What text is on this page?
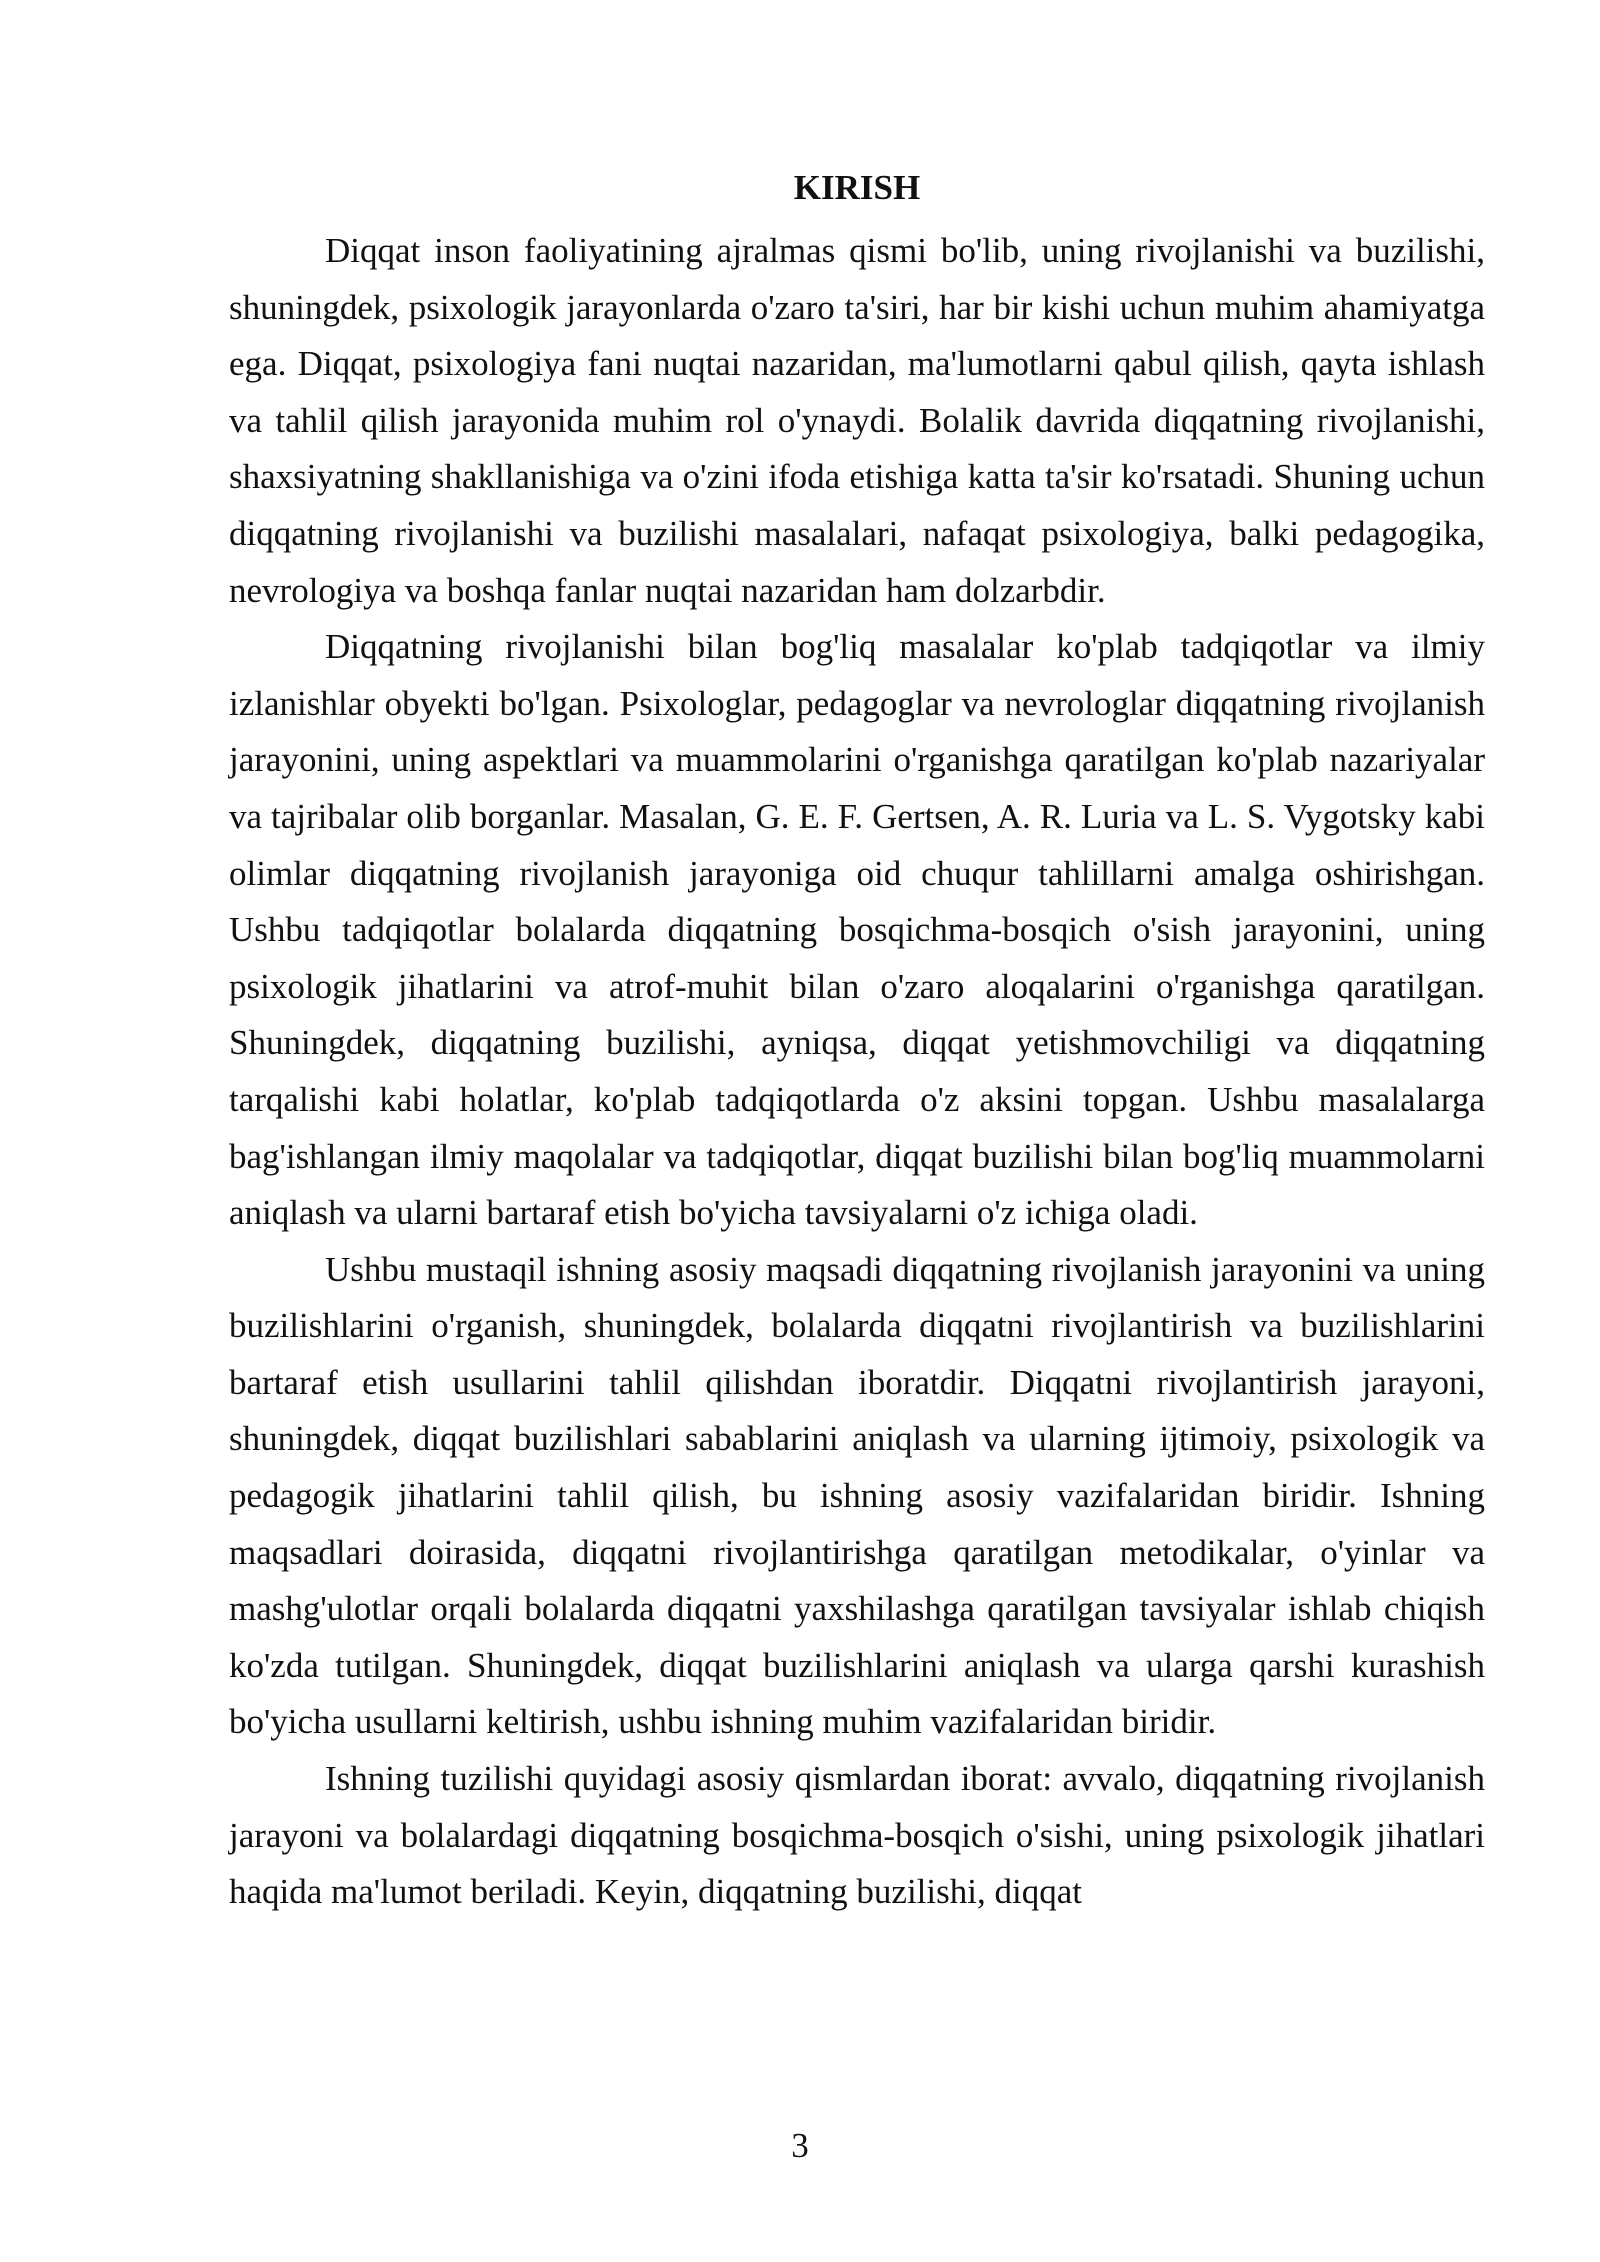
KIRISH

Diqqat inson faoliyatining ajralmas qismi bo'lib, uning rivojlanishi va buzilishi, shuningdek, psixologik jarayonlarda o'zaro ta'siri, har bir kishi uchun muhim ahamiyatga ega. Diqqat, psixologiya fani nuqtai nazaridan, ma'lumotlarni qabul qilish, qayta ishlash va tahlil qilish jarayonida muhim rol o'ynaydi. Bolalik davrida diqqatning rivojlanishi, shaxsiyatning shakllanishiga va o'zini ifoda etishiga katta ta'sir ko'rsatadi. Shuning uchun diqqatning rivojlanishi va buzilishi masalalari, nafaqat psixologiya, balki pedagogika, nevrologiya va boshqa fanlar nuqtai nazaridan ham dolzarbdir.

Diqqatning rivojlanishi bilan bog'liq masalalar ko'plab tadqiqotlar va ilmiy izlanishlar obyekti bo'lgan. Psixologlar, pedagoglar va nevrologlar diqqatning rivojlanish jarayonini, uning aspektlari va muammolarini o'rganishga qaratilgan ko'plab nazariyalar va tajribalar olib borganlar. Masalan, G. E. F. Gertsen, A. R. Luria va L. S. Vygotsky kabi olimlar diqqatning rivojlanish jarayoniga oid chuqur tahlillarni amalga oshirishgan. Ushbu tadqiqotlar bolalarda diqqatning bosqichma-bosqich o'sish jarayonini, uning psixologik jihatlarini va atrof-muhit bilan o'zaro aloqalarini o'rganishga qaratilgan. Shuningdek, diqqatning buzilishi, ayniqsa, diqqat yetishmovchiligi va diqqatning tarqalishi kabi holatlar, ko'plab tadqiqotlarda o'z aksini topgan. Ushbu masalalarga bag'ishlangan ilmiy maqolalar va tadqiqotlar, diqqat buzilishi bilan bog'liq muammolarni aniqlash va ularni bartaraf etish bo'yicha tavsiyalarni o'z ichiga oladi.

Ushbu mustaqil ishning asosiy maqsadi diqqatning rivojlanish jarayonini va uning buzilishlarini o'rganish, shuningdek, bolalarda diqqatni rivojlantirish va buzilishlarini bartaraf etish usullarini tahlil qilishdan iboratdir. Diqqatni rivojlantirish jarayoni, shuningdek, diqqat buzilishlari sabablarini aniqlash va ularning ijtimoiy, psixologik va pedagogik jihatlarini tahlil qilish, bu ishning asosiy vazifalaridan biridir. Ishning maqsadlari doirasida, diqqatni rivojlantirishga qaratilgan metodikalar, o'yinlar va mashg'ulotlar orqali bolalarda diqqatni yaxshilashga qaratilgan tavsiyalar ishlab chiqish ko'zda tutilgan. Shuningdek, diqqat buzilishlarini aniqlash va ularga qarshi kurashish bo'yicha usullarni keltirish, ushbu ishning muhim vazifalaridan biridir.

Ishning tuzilishi quyidagi asosiy qismlardan iborat: avvalo, diqqatning rivojlanish jarayoni va bolalardagi diqqatning bosqichma-bosqich o'sishi, uning psixologik jihatlari haqida ma'lumot beriladi. Keyin, diqqatning buzilishi, diqqat

3
